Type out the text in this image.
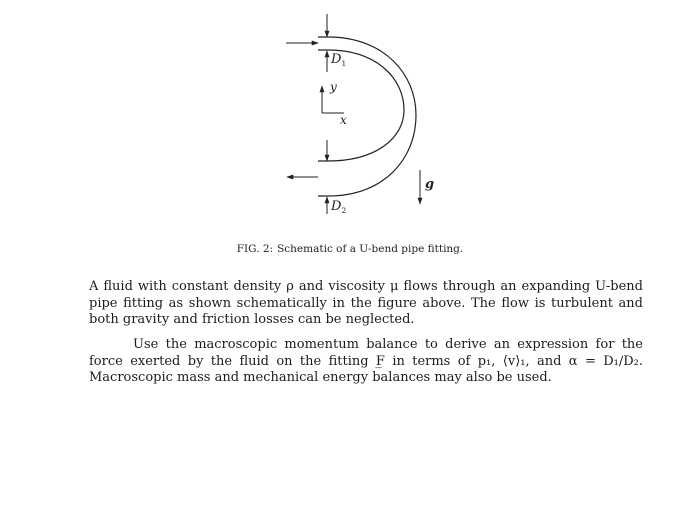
$D_1$
$D_2$
y
x
g
FIG. 2: Schematic of a U-bend pipe fitting.

A fluid with constant density ρ and viscosity μ flows through an expanding U-bend pipe fitting as shown schematically in the figure above. The flow is turbulent and both gravity and friction losses can be neglected.

Use the macroscopic momentum balance to derive an expression for the force exerted by the fluid on the fitting F̲ in terms of p₁, ⟨v⟩₁, and α = D₁/D₂. Macroscopic mass and mechanical energy balances may also be used.
